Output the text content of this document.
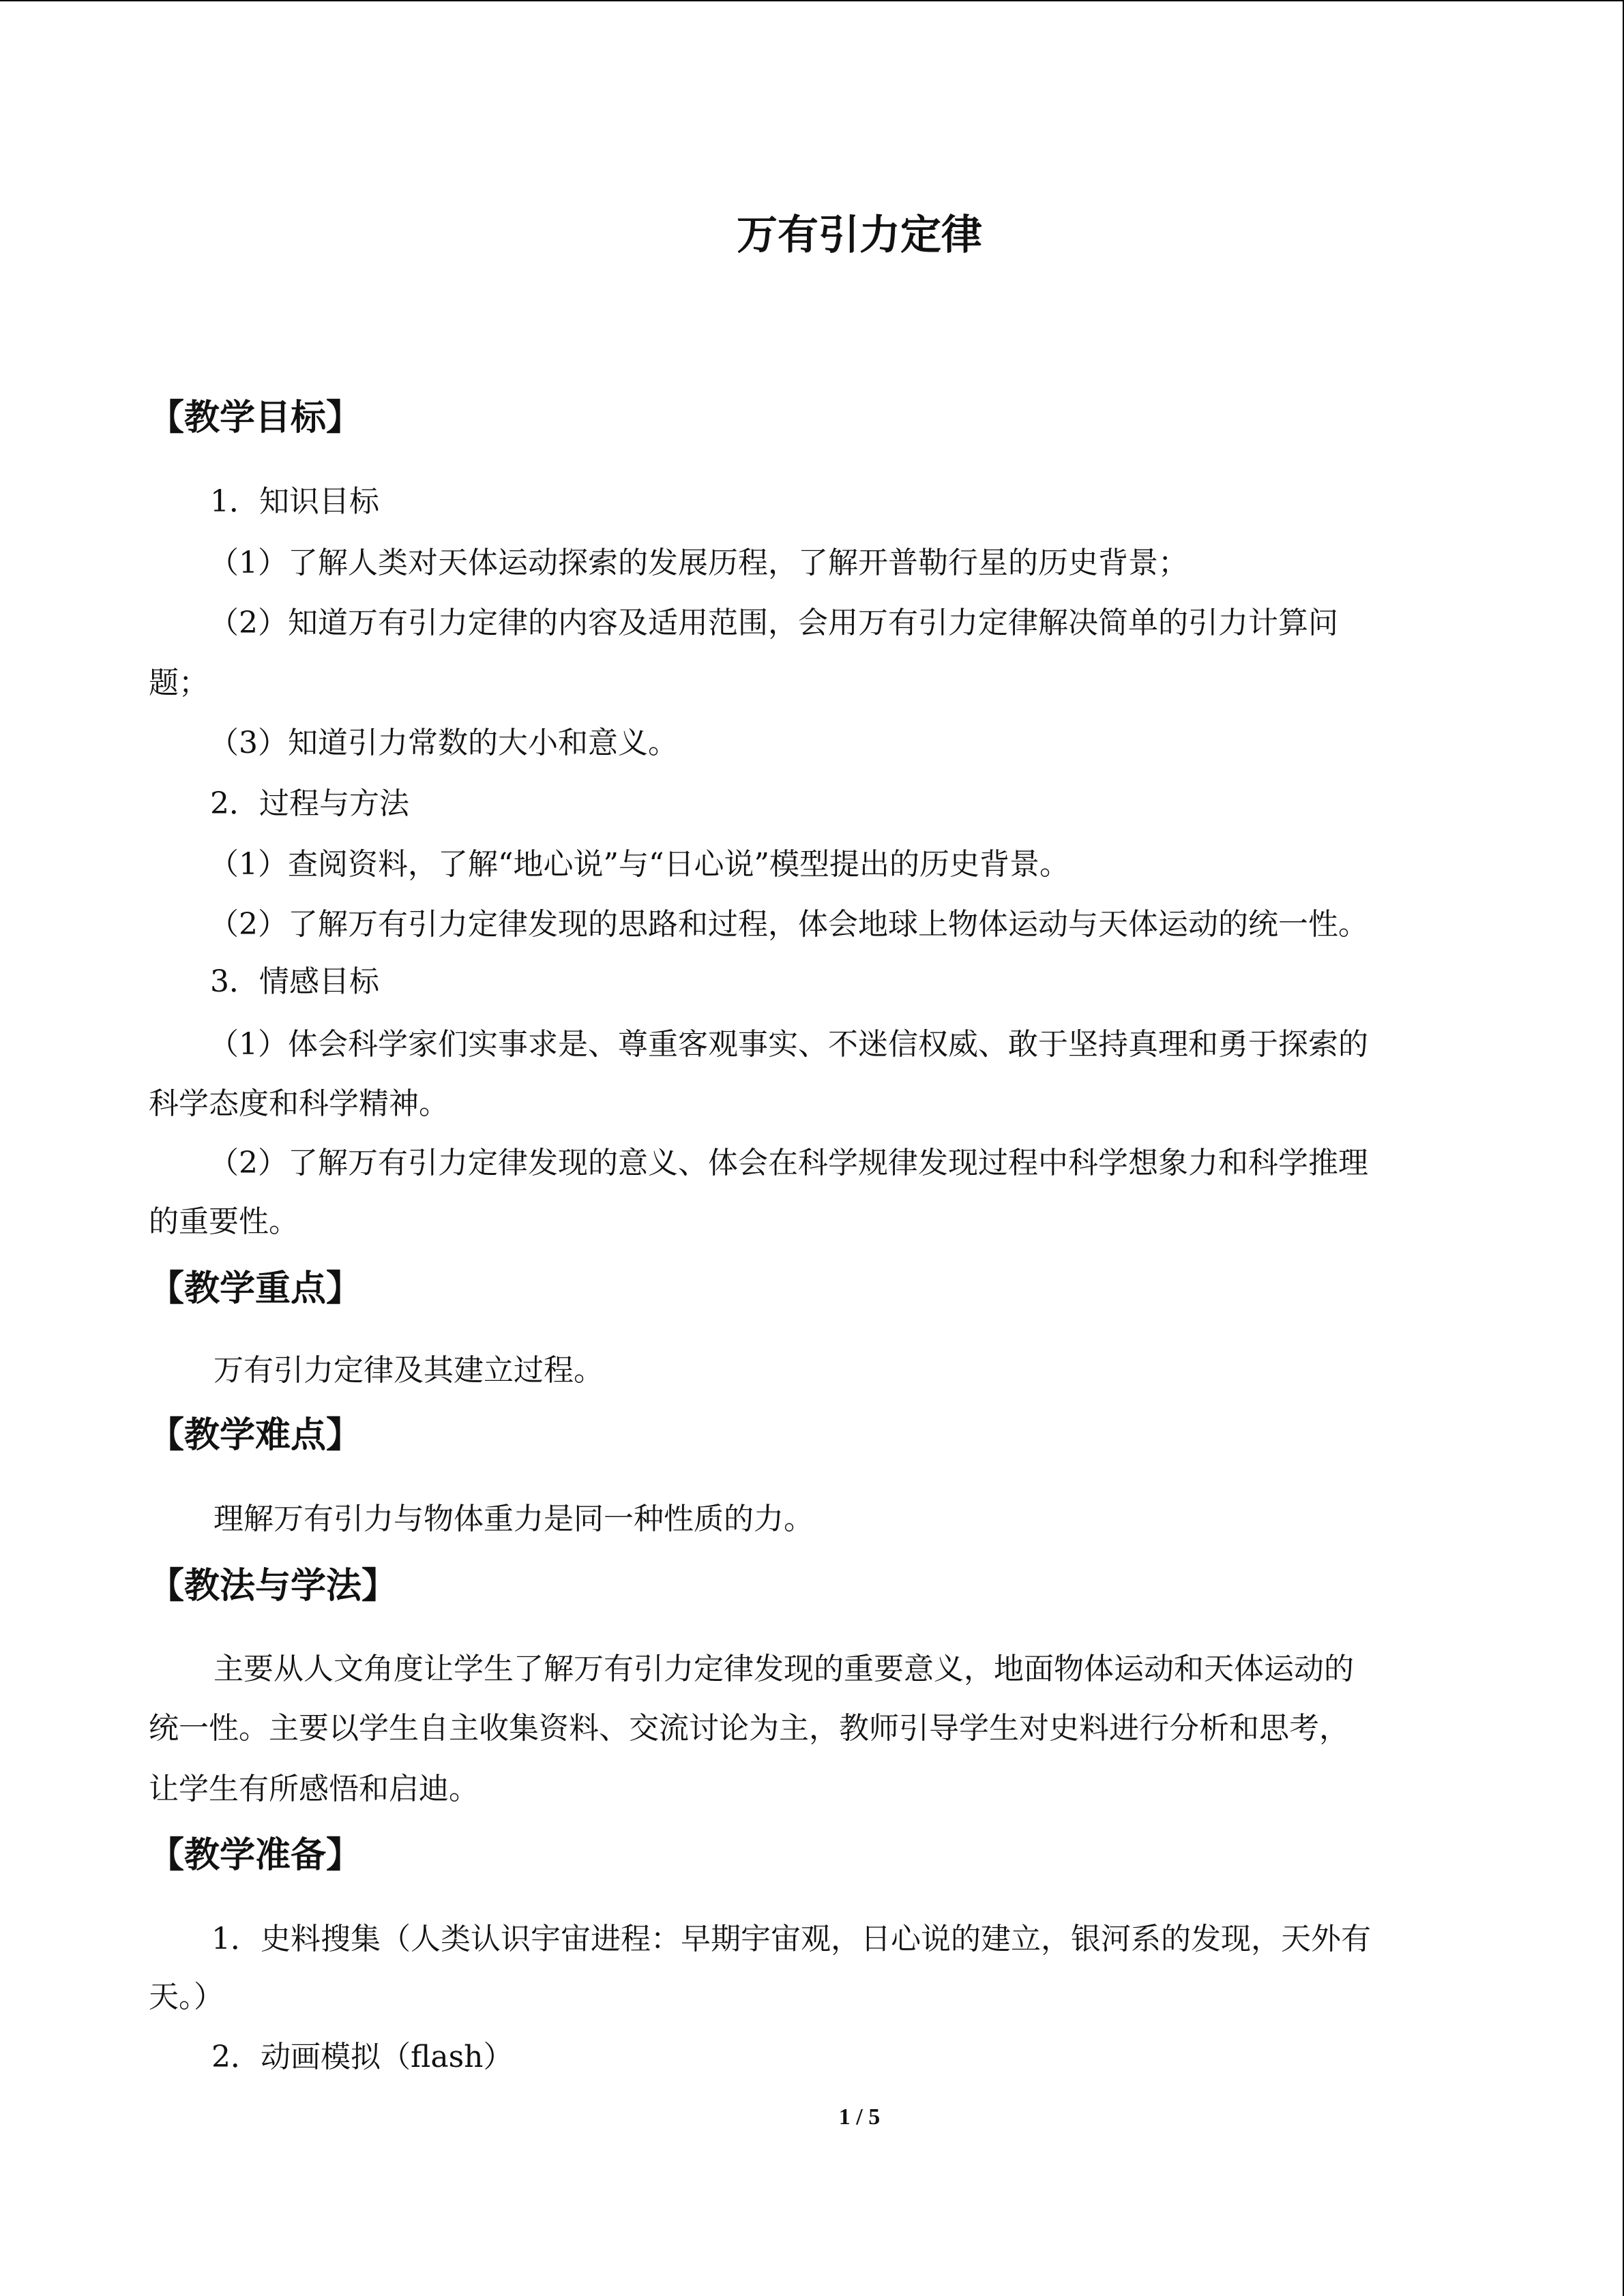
万有引力定律
【教学目标】
1．知识目标
（1）了解人类对天体运动探索的发展历程，了解开普勒行星的历史背景；
（2）知道万有引力定律的内容及适用范围，会用万有引力定律解决简单的引力计算问
题；
（3）知道引力常数的大小和意义。
2．过程与方法
（1）查阅资料，了解“地心说”与“日心说”模型提出的历史背景。
（2）了解万有引力定律发现的思路和过程，体会地球上物体运动与天体运动的统一性。
3．情感目标
（1）体会科学家们实事求是、尊重客观事实、不迷信权威、敢于坚持真理和勇于探索的
科学态度和科学精神。
（2）了解万有引力定律发现的意义、体会在科学规律发现过程中科学想象力和科学推理
的重要性。
【教学重点】
万有引力定律及其建立过程。
【教学难点】
理解万有引力与物体重力是同一种性质的力。
【教法与学法】
主要从人文角度让学生了解万有引力定律发现的重要意义，地面物体运动和天体运动的
统一性。主要以学生自主收集资料、交流讨论为主，教师引导学生对史料进行分析和思考，
让学生有所感悟和启迪。
【教学准备】
1．史料搜集（人类认识宇宙进程：早期宇宙观，日心说的建立，银河系的发现，天外有
天。）
2．动画模拟（flash）
1 / 5
